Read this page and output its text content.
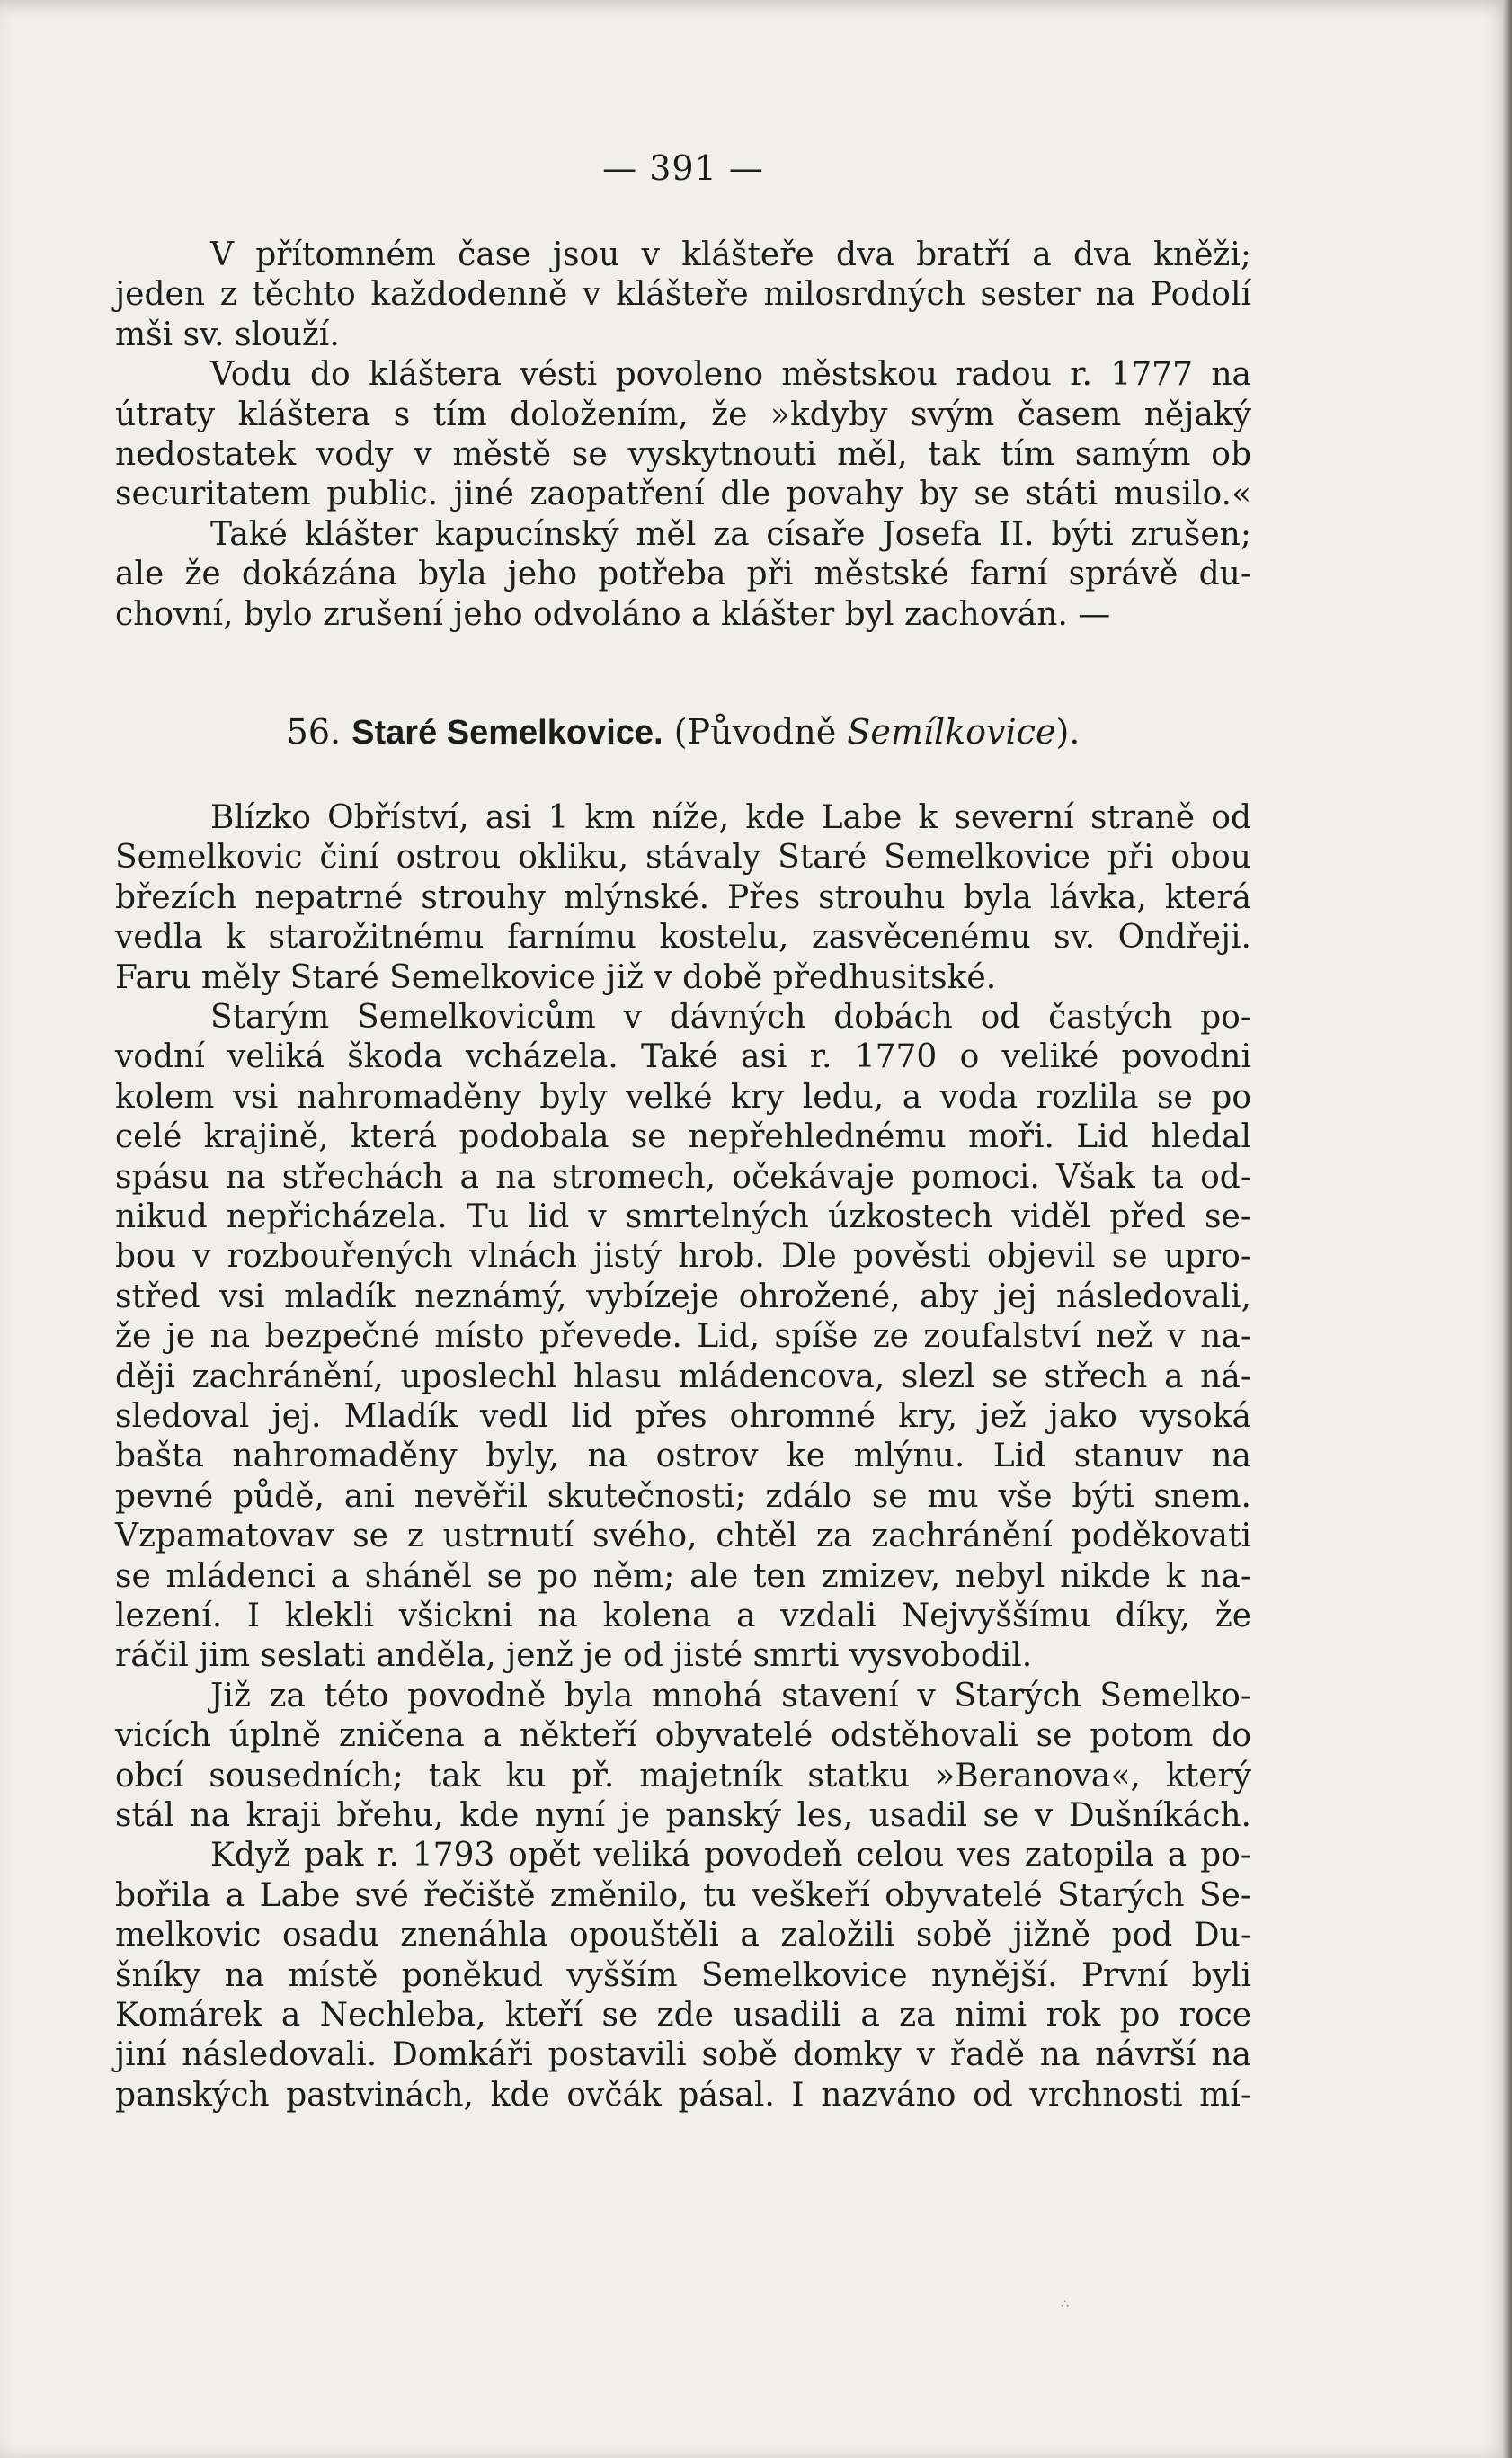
— 391 —
V přítomném čase jsou v klášteře dva bratří a dva kněži;
jeden z těchto každodenně v klášteře milosrdných sester na Podolí
mši sv. slouží.
Vodu do kláštera vésti povoleno městskou radou r. 1777 na
útraty kláštera s tím doložením, že »kdyby svým časem nějaký
nedostatek vody v městě se vyskytnouti měl, tak tím samým ob
securitatem public. jiné zaopatření dle povahy by se státi musilo.«
Také klášter kapucínský měl za císaře Josefa II. býti zrušen;
ale že dokázána byla jeho potřeba při městské farní správě du-
chovní, bylo zrušení jeho odvoláno a klášter byl zachován. —
56. Staré Semelkovice. (Původně Semílkovice).
Blízko Obříství, asi 1 km níže, kde Labe k severní straně od
Semelkovic činí ostrou okliku, stávaly Staré Semelkovice při obou
březích nepatrné strouhy mlýnské. Přes strouhu byla lávka, která
vedla k starožitnému farnímu kostelu, zasvěcenému sv. Ondřeji.
Faru měly Staré Semelkovice již v době předhusitské.
Starým Semelkovicům v dávných dobách od častých po-
vodní veliká škoda vcházela. Také asi r. 1770 o veliké povodni
kolem vsi nahromaděny byly velké kry ledu, a voda rozlila se po
celé krajině, která podobala se nepřehlednému moři. Lid hledal
spásu na střechách a na stromech, očekávaje pomoci. Však ta od-
nikud nepřicházela. Tu lid v smrtelných úzkostech viděl před se-
bou v rozbouřených vlnách jistý hrob. Dle pověsti objevil se upro-
střed vsi mladík neznámý, vybízeje ohrožené, aby jej následovali,
že je na bezpečné místo převede. Lid, spíše ze zoufalství než v na-
ději zachránění, uposlechl hlasu mládencova, slezl se střech a ná-
sledoval jej. Mladík vedl lid přes ohromné kry, jež jako vysoká
bašta nahromaděny byly, na ostrov ke mlýnu. Lid stanuv na
pevné půdě, ani nevěřil skutečnosti; zdálo se mu vše býti snem.
Vzpamatovav se z ustrnutí svého, chtěl za zachránění poděkovati
se mládenci a sháněl se po něm; ale ten zmizev, nebyl nikde k na-
lezení. I klekli všickni na kolena a vzdali Nejvyššímu díky, že
ráčil jim seslati anděla, jenž je od jisté smrti vysvobodil.
Již za této povodně byla mnohá stavení v Starých Semelko-
vicích úplně zničena a někteří obyvatelé odstěhovali se potom do
obcí sousedních; tak ku př. majetník statku »Beranova«, který
stál na kraji břehu, kde nyní je panský les, usadil se v Dušníkách.
Když pak r. 1793 opět veliká povodeň celou ves zatopila a po-
bořila a Labe své řečiště změnilo, tu veškeří obyvatelé Starých Se-
melkovic osadu znenáhla opouštěli a založili sobě jižně pod Du-
šníky na místě poněkud vyšším Semelkovice nynější. První byli
Komárek a Nechleba, kteří se zde usadili a za nimi rok po roce
jiní následovali. Domkáři postavili sobě domky v řadě na návrší na
panských pastvinách, kde ovčák pásal. I nazváno od vrchnosti mí-
∴
